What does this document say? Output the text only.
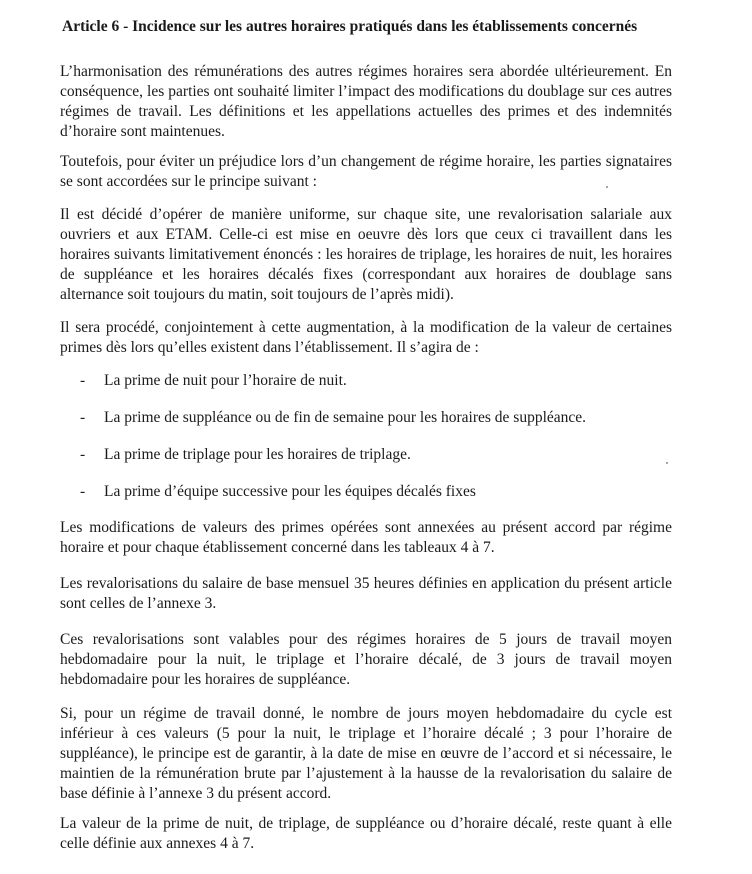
Article 6 - Incidence sur les autres horaires pratiqués dans les établissements concernés

L’harmonisation des rémunérations des autres régimes horaires sera abordée ultérieurement. En conséquence, les parties ont souhaité limiter l’impact des modifications du doublage sur ces autres régimes de travail. Les définitions et les appellations actuelles des primes et des indemnités d’horaire sont maintenues.

Toutefois, pour éviter un préjudice lors d’un changement de régime horaire, les parties signataires se sont accordées sur le principe suivant :

Il est décidé d’opérer de manière uniforme, sur chaque site, une revalorisation salariale aux ouvriers et aux ETAM. Celle-ci est mise en oeuvre dès lors que ceux ci travaillent dans les horaires suivants limitativement énoncés : les horaires de triplage, les horaires de nuit, les horaires de suppléance et les horaires décalés fixes (correspondant aux horaires de doublage sans alternance soit toujours du matin, soit toujours de l’après midi).

Il sera procédé, conjointement à cette augmentation, à la modification de la valeur de certaines primes dès lors qu’elles existent dans l’établissement. Il s’agira de :

- La prime de nuit pour l’horaire de nuit.
- La prime de suppléance ou de fin de semaine pour les horaires de suppléance.
- La prime de triplage pour les horaires de triplage.
- La prime d’équipe successive pour les équipes décalés fixes

Les modifications de valeurs des primes opérées sont annexées au présent accord par régime horaire et pour chaque établissement concerné dans les tableaux 4 à 7.

Les revalorisations du salaire de base mensuel 35 heures définies en application du présent article sont celles de l’annexe 3.

Ces revalorisations sont valables pour des régimes horaires de 5 jours de travail moyen hebdomadaire pour la nuit, le triplage et l’horaire décalé, de 3 jours de travail moyen hebdomadaire pour les horaires de suppléance.

Si, pour un régime de travail donné, le nombre de jours moyen hebdomadaire du cycle est inférieur à ces valeurs (5 pour la nuit, le triplage et l’horaire décalé ; 3 pour l’horaire de suppléance), le principe est de garantir, à la date de mise en œuvre de l’accord et si nécessaire, le maintien de la rémunération brute par l’ajustement à la hausse de la revalorisation du salaire de base définie à l’annexe 3 du présent accord.

La valeur de la prime de nuit, de triplage, de suppléance ou d’horaire décalé, reste quant à elle celle définie aux annexes 4 à 7.
